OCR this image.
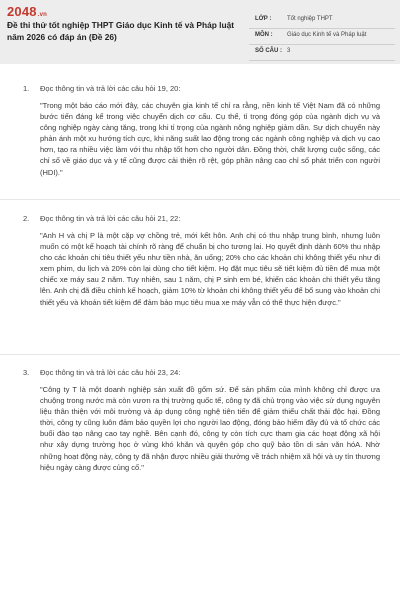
2048.vn
Đề thi thử tốt nghiệp THPT Giáo dục Kinh tế và Pháp luật năm 2026 có đáp án (Đề 26)
LỚP :	Tốt nghiệp THPT
MÔN : Giáo dục Kinh tế và Pháp luật
SỐ CÂU : 3
1. Đọc thông tin và trả lời các câu hỏi 19, 20:
"Trong một báo cáo mới đây, các chuyên gia kinh tế chỉ ra rằng, nền kinh tế Việt Nam đã có những bước tiến đáng kể trong việc chuyển dịch cơ cấu. Cụ thể, tỉ trọng đóng góp của ngành dịch vụ và công nghiệp ngày càng tăng, trong khi tỉ trọng của ngành nông nghiệp giảm dần. Sự dịch chuyển này phản ánh một xu hướng tích cực, khi năng suất lao động trong các ngành công nghiệp và dịch vụ cao hơn, tạo ra nhiều việc làm với thu nhập tốt hơn cho người dân. Đồng thời, chất lượng cuộc sống, các chỉ số về giáo dục và y tế cũng được cải thiện rõ rệt, góp phần nâng cao chỉ số phát triển con người (HDI)."
2. Đọc thông tin và trả lời các câu hỏi 21, 22:
"Anh H và chị P là một cặp vợ chồng trẻ, mới kết hôn. Anh chị có thu nhập trung bình, nhưng luôn muốn có một kế hoạch tài chính rõ ràng để chuẩn bị cho tương lai. Họ quyết định dành 60% thu nhập cho các khoản chi tiêu thiết yếu như tiền nhà, ăn uống; 20% cho các khoản chi không thiết yếu như đi xem phim, du lịch và 20% còn lại dùng cho tiết kiệm. Họ đặt mục tiêu sẽ tiết kiệm đủ tiền để mua một chiếc xe máy sau 2 năm. Tuy nhiên, sau 1 năm, chị P sinh em bé, khiến các khoản chi thiết yếu tăng lên. Anh chị đã điều chỉnh kế hoạch, giảm 10% từ khoản chi không thiết yếu để bổ sung vào khoản chi thiết yếu và khoản tiết kiệm để đảm bảo mục tiêu mua xe máy vẫn có thể thực hiện được."
3. Đọc thông tin và trả lời các câu hỏi 23, 24:
"Công ty T là một doanh nghiệp sản xuất đồ gốm sứ. Để sản phẩm của mình không chỉ được ưa chuộng trong nước mà còn vươn ra thị trường quốc tế, công ty đã chủ trọng vào việc sử dụng nguyên liệu thân thiện với môi trường và áp dụng công nghệ tiên tiến để giảm thiểu chất thải độc hại. Đồng thời, công ty cũng luôn đảm bảo quyền lợi cho người lao động, đóng bảo hiểm đầy đủ và tổ chức các buổi đào tạo nâng cao tay nghề. Bên cạnh đó, công ty còn tích cực tham gia các hoạt động xã hội như xây dựng trường học ở vùng khó khăn và quyên góp cho quỹ bảo tồn di sản văn hóA. Nhờ những hoạt động này, công ty đã nhận được nhiều giải thưởng về trách nhiệm xã hội và uy tín thương hiệu ngày càng được củng cố."
